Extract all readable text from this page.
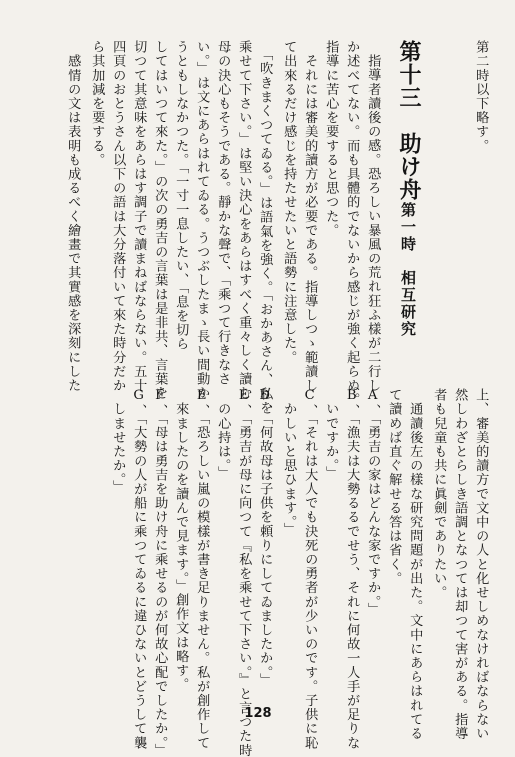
第十三　助け舟
第一時　相互研究
第二時以下略す。
指導者讀後の感。恐ろしい暴風の荒れ狂ふ樣が二行し
か述べてない。而も具體的でないから感じが強く起らぬ。
指導に苦心を要すると思つた。
　それには審美的讀方が必要である。指導しつゝ範讀し
て出來るだけ感じを持たせたいと語勢に注意した。
　「吹きまくつてゐる。」は語氣を強く。「おかあさん、私を
乘せて下さい。」は堅い決心をあらはすべく重々しく讀む
母の決心もそうである。靜かな聲で、「乘つて行きなさ
い。」は文にあらはれてゐる。うつぶしたまゝ長い間動か
うともしなかつた。「一寸一息したい、「息を切ら
してはいつて來た。」の次の勇吉の言葉は是非共、言葉を
切つて其意味をあらはす調子で讀まねばならない。五十
四頁のおとうさん以下の語は大分落付いて來た時分だか
ら其加減を要する。
　感情の文は表明も成るべく繪畫で其實感を深刻にした
上、審美的讀方で文中の人と化せしめなければならない
然しわざとらしき語調となつては却つて害がある。指導
者も兒童も共に眞劍でありたい。
　通讀後左の樣な研究問題が出た。文中にあらはれてる
て讀めば直ぐ解せる答は省く。
A、「勇吉の家はどんな家ですか。」
B、「漁夫は大勢るるでせう、それに何故一人手が足りな
　いですか。」
C、「それは大人でも決死の勇者が少いのです。子供に恥
　かしいと思ひます。」
D、「何故母は子供を頼りにしてゐましたか。」
E、「勇吉が母に向つて『私を乘せて下さい。』と言つた時
　の心持は。」
E、「恐ろしい嵐の模樣が書き足りません。私が創作して
　來ましたのを讀んで見ます。」創作文は略す。
F、「母は勇吉を助け舟に乘せるのが何故心配でしたか。」
G、「大勢の人が船に乘つてゐるに違ひないとどうして襲
　しませたか。」
128
